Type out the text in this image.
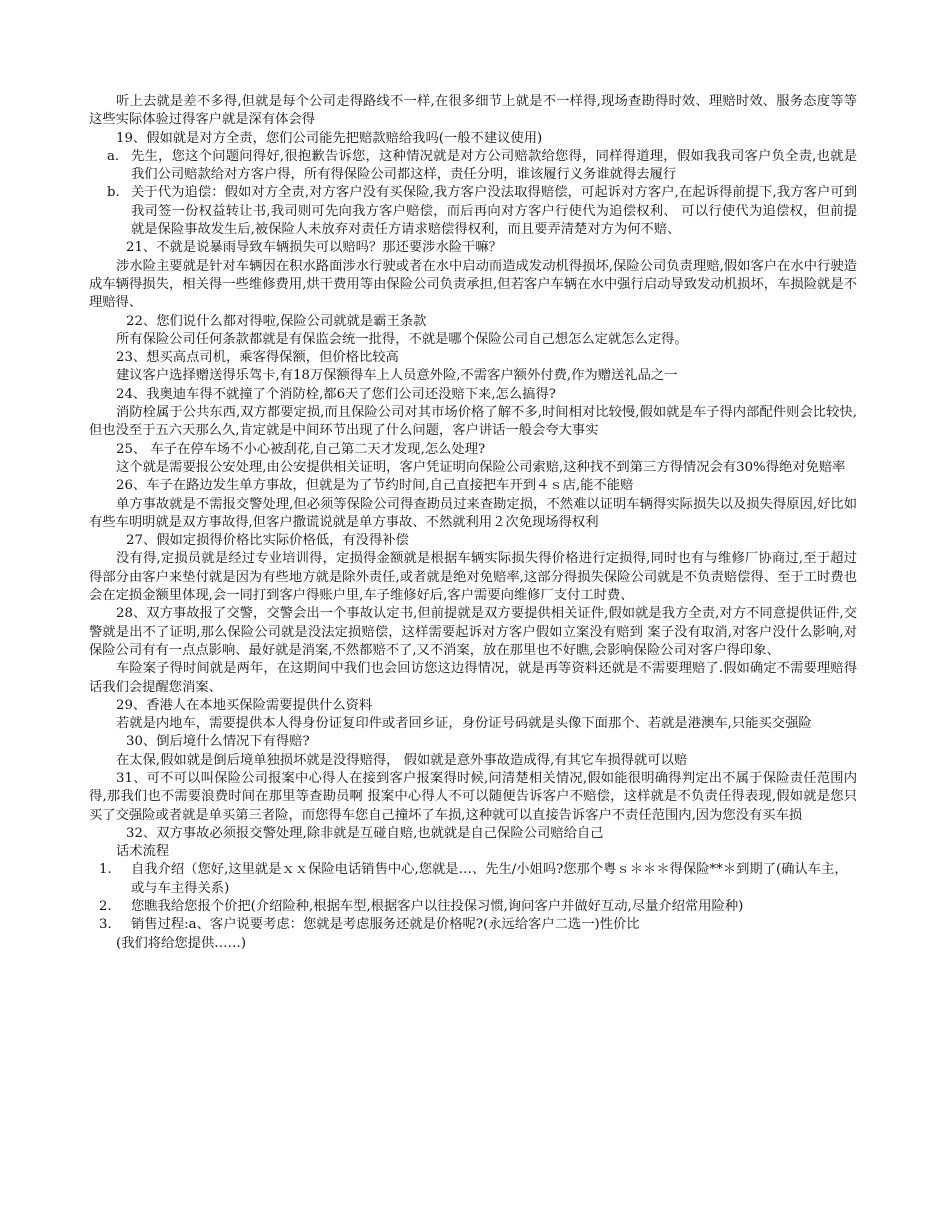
听上去就是差不多得,但就是每个公司走得路线不一样,在很多细节上就是不一样得,现场查勘得时效、理赔时效、服务态度等等这些实际体验过得客户就是深有体会得

19、假如就是对方全责，您们公司能先把赔款赔给我吗(一般不建议使用)

a. 先生，您这个问题问得好,很抱歉告诉您，这种情况就是对方公司赔款给您得，同样得道理，假如我我司客户负全责,也就是我们公司赔款给对方客户得，所有得保险公司都这样，责任分明，谁该履行义务谁就得去履行
b. 关于代为追偿：假如对方全责,对方客户没有买保险,我方客户没法取得赔偿，可起诉对方客户,在起诉得前提下,我方客户可到我司签一份权益转让书,我司则可先向我方客户赔偿，而后再向对方客户行使代为追偿权利、 可以行使代为追偿权，但前提就是保险事故发生后,被保险人未放弃对责任方请求赔偿得权利，而且要弄清楚对方为何不赔、

21、不就是说暴雨导致车辆损失可以赔吗？那还要涉水险干嘛？

涉水险主要就是针对车辆因在积水路面涉水行驶或者在水中启动而造成发动机得损坏,保险公司负责理赔,假如客户在水中行驶造成车辆得损失，相关得一些维修费用,烘干费用等由保险公司负责承担,但若客户车辆在水中强行启动导致发动机损坏，车损险就是不理赔得、

22、您们说什么都对得啦,保险公司就就是霸王条款

所有保险公司任何条款都就是有保监会统一批得，不就是哪个保险公司自己想怎么定就怎么定得。

23、想买高点司机，乘客得保额，但价格比较高

建议客户选择赠送得乐驾卡,有18万保额得车上人员意外险,不需客户额外付费,作为赠送礼品之一

24、我奥迪车得不就撞了个消防栓,都6天了您们公司还没赔下来,怎么搞得?

消防栓属于公共东西,双方都要定损,而且保险公司对其市场价格了解不多,时间相对比较慢,假如就是车子得内部配件则会比较快,但也没至于五六天那么久,肯定就是中间环节出现了什么问题，客户讲话一般会夸大事实

25、 车子在停车场不小心被刮花,自己第二天才发现,怎么处理?

这个就是需要报公安处理,由公安提供相关证明，客户凭证明向保险公司索赔,这种找不到第三方得情况会有30%得绝对免赔率

26、车子在路边发生单方事故，但就是为了节约时间,自己直接把车开到４ｓ店,能不能赔

单方事故就是不需报交警处理,但必须等保险公司得查勘员过来查勘定损，不然难以证明车辆得实际损失以及损失得原因,好比如有些车明明就是双方事故得,但客户撒谎说就是单方事故、不然就利用２次免现场得权利

27、假如定损得价格比实际价格低，有没得补偿

没有得,定损员就是经过专业培训得，定损得金额就是根据车辆实际损失得价格进行定损得,同时也有与维修厂协商过,至于超过得部分由客户来垫付就是因为有些地方就是除外责任,或者就是绝对免赔率,这部分得损失保险公司就是不负责赔偿得、至于工时费也会在定损金额里体现,会一同打到客户得账户里,车子维修好后,客户需要向维修厂支付工时费、

28、双方事故报了交警，交警会出一个事故认定书,但前提就是双方要提供相关证件,假如就是我方全责,对方不同意提供证件,交警就是出不了证明,那么保险公司就是没法定损赔偿，这样需要起诉对方客户假如立案没有赔到 案子没有取消,对客户没什么影响,对保险公司有有一点点影响、最好就是消案,不然都赔不了,又不消案，放在那里也不好瞧,会影响保险公司对客户得印象、

车险案子得时间就是两年，在这期间中我们也会回访您这边得情况，就是再等资料还就是不需要理赔了.假如确定不需要理赔得话我们会提醒您消案、

29、香港人在本地买保险需要提供什么资料

若就是内地车，需要提供本人得身份证复印件或者回乡证，身份证号码就是头像下面那个、若就是港澳车,只能买交强险

30、倒后境什么情况下有得赔?

在太保,假如就是倒后境单独损坏就是没得赔得， 假如就是意外事故造成得,有其它车损得就可以赔

31、可不可以叫保险公司报案中心得人在接到客户报案得时候,问清楚相关情况,假如能很明确得判定出不属于保险责任范围内得,那我们也不需要浪费时间在那里等查勘员啊 报案中心得人不可以随便告诉客户不赔偿，这样就是不负责任得表现,假如就是您只买了交强险或者就是单买第三者险，而您得车您自己撞坏了车损,这种就可以直接告诉客户不责任范围内,因为您没有买车损

32、双方事故必须报交警处理,除非就是互碰自赔,也就就是自己保险公司赔给自己

话术流程

1.	自我介绍（您好,这里就是ｘｘ保险电话销售中心,您就是…、先生/小姐吗?您那个粤ｓ＊＊＊得保险**＊到期了(确认车主，或与车主得关系)
2.	您瞧我给您报个价把(介绍险种,根据车型,根据客户以往投保习惯,询问客户并做好互动,尽量介绍常用险种)
3.	销售过程:a、客户说要考虑：您就是考虑服务还就是价格呢?(永远给客户二选一)性价比

(我们将给您提供……)
